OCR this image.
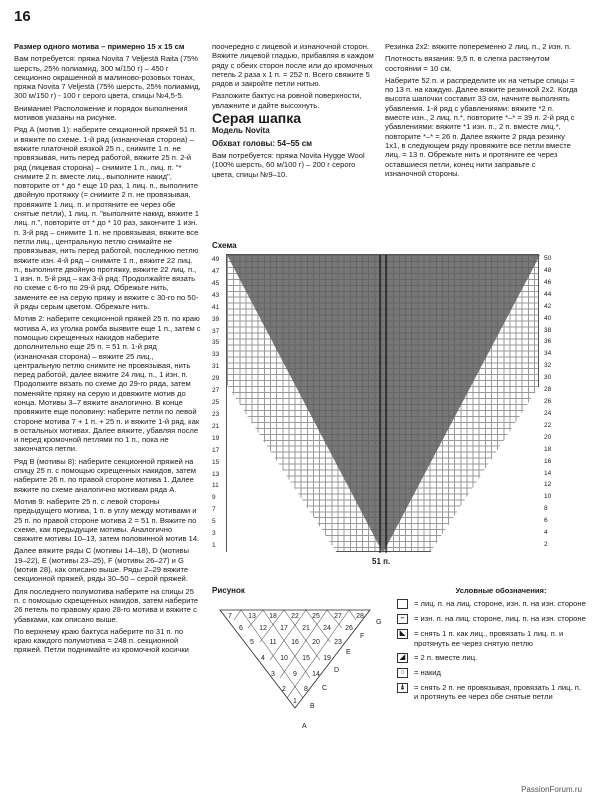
16

Размер одного мотива – примерно 15 х 15 см

Вам потребуется: пряжа Novita 7 Veljestä Raita (75% шерсть, 25% полиамид, 300 м/150 г) – 450 г секционно окрашенной в малиново-розовых тонах, пряжа Novita 7 Veljestä (75% шерсть, 25% полиамид, 300 м/150 г) - 100 г серого цвета, спицы №4,5-5.

Внимание! Расположение и порядок выполнения мотивов указаны на рисунке.

Ряд А (мотив 1): наберите секционной пряжей 51 п. и вяжите по схеме. 1-й ряд (изнаночная сторона) – вяжите платочной вязкой 25 п., снимите 1 п. не провязывая, нить перед работой, вяжите 25 п. 2-й ряд (лицевая сторона) – снимите 1 п., лиц. п. "* снимите 2 п. вместе лиц., выполните накид", повторите от * до * еще 10 раз, 1 лиц. п., выполните двойную протяжку (= снимите 2 п. не провязывая, провяжите 1 лиц. п. и протяните ее через обе снятые петли), 1 лиц. п. "выполните накид, вяжите 1 лиц. п.", повторите от * до * 10 раз, закончите 1 изн. п. 3-й ряд – снимите 1 п. не провязывая, вяжите все петли лиц., центральную петлю снимайте не провязывая, нить перед работой, последнюю петлю вяжите изн. 4-й ряд – снимите 1 п., вяжите 22 лиц. п., выполните двойную протяжку, вяжите 22 лиц. п., 1 изн. п. 5-й ряд – как 3-й ряд. Продолжайте вязать по схеме с 6-го по 29-й ряд. Обрежьте нить, замените ее на серую пряжу и вяжите с 30-го по 50-й ряды серым цветом. Обрежьте нить.

Мотив 2: наберите секционной пряжей 25 п. по краю мотива А, из уголка ромба выявите еще 1 п., затем с помощью скрещенных накидов наберите дополнительно еще 25 п. = 51 п. 1-й ряд (изнаночная сторона) – вяжите 25 лиц., центральную петлю снимите не провязывая, нить перед работой, далее вяжите 24 лиц. п., 1 изн. п. Продолжите вязать по схеме до 29-го ряда, затем поменяйте пряжу на серую и довяжите мотив до конца. Мотивы 3–7 вяжите аналогично. В конце провяжите еще половину: наберите петли по левой стороне мотива 7 + 1 п. + 25 п. и вяжите 1-й ряд, как в остальных мотивах. Далее вяжите, убавляя после и перед кромочной петлями по 1 п., пока не закончатся петли.

Ряд В (мотивы 8): наберите секционной пряжей на спицу 25 п. с помощью скрещенных накидов, затем наберите 26 п. по правой стороне мотива 1. Далее вяжите по схеме аналогично мотивам ряда А.

Мотив 9: наберите 25 п. с левой стороны предыдущего мотива, 1 п. в углу между мотивами и 25 п. по правой стороне мотива 2 = 51 п. Вяжите по схеме, как предыдущие мотивы. Аналогично свяжите мотивы 10–13, затем половинной мотив 14.

Далее вяжите ряды С (мотивы 14–18), D (мотивы 19–22), E (мотивы 23–25), F (мотивы 26–27) и G (мотив 28), как описано выше. Ряды 2–29 вяжите секционной пряжей, ряды 30–50 – серой пряжей.

Для последнего полумотива наберите на спицы 25 п. с помощью скрещенных накидов, затем наберите 26 петель по правому краю 28-го мотива и вяжите с убавками, как описано выше.

По верхнему краю бактуса наберите по 31 п. по краю каждого полумотива = 248 п. секционной пряжей. Петли поднимайте из кромочной косички

поочередно с лицевой и изнаночной сторон. Вяжите лицевой гладью, прибавляя в каждом ряду с обеих сторон после или до кромочных петель 2 раза x 1 п. = 252 п. Всего свяжите 5 рядов и закройте петли нитью.

Разложите бактус на ровной поверхности, увлажните и дайте высохнуть.

Серая шапка
Модель Novita
Обхват головы: 54–55 см

Вам потребуется: пряжа Novita Hygge Wool (100% шерсть, 60 м/100 г) – 200 г серого цвета, спицы №9–10.

Резинка 2х2: вяжите попеременно 2 лиц. п., 2 изн. п.

Плотность вязания: 9,5 п. в слегка растянутом состоянии = 10 см.

Наберите 52 п. и распределите их на четыре спицы = по 13 п. на каждую. Далее вяжите резинкой 2х2. Когда высота шапочки составит 33 см, начните выполнять убавления. 1-й ряд с убавлениями: вяжите *2 п. вместе изн., 2 лиц. п.*, повторите *–* = 39 п. 2-й ряд с убавлениями: вяжите *1 изн. п., 2 п. вместе лиц.*, повторите *–* = 26 п. Далее вяжите 2 ряда резинку 1х1, в следующем ряду провяжите все петли вместе лиц. = 13 п. Обрежьте нить и протяните ее через оставшиеся петли, конец нити заправьте с изнаночной стороны.

Схема
51 п.
Рисунок
7 13 18 22 25 27 28
6 12 17 21 24 26
5 11 16 20 23
4 10 15 19
3	9 14
2	8
1
A
B
C
D
E
F
G
Условные обозначения:
= лиц. п. на лиц. стороне, изн. п. на изн. стороне
–	= изн. п. на лиц. стороне, лиц. п. на изн. стороне
◣	= снять 1 п. как лиц., провязать 1 лиц. п. и протянуть ее через снятую петлю
◢	= 2 п. вместе лиц.
○	= накид
⍋	= снять 2 п. не провязывая, провязать 1 лиц. п. и протянуть ее через обе снятые петли
PassionForum.ru
49
47
45
43
41
39
37
35
33
31
29
27
25
23
21
19
17
15
13
11
9
7
5
3
1
50
48
46
44
42
40
38
36
34
32
30
28
26
24
22
20
18
16
14
12
10
8
6
4
2
